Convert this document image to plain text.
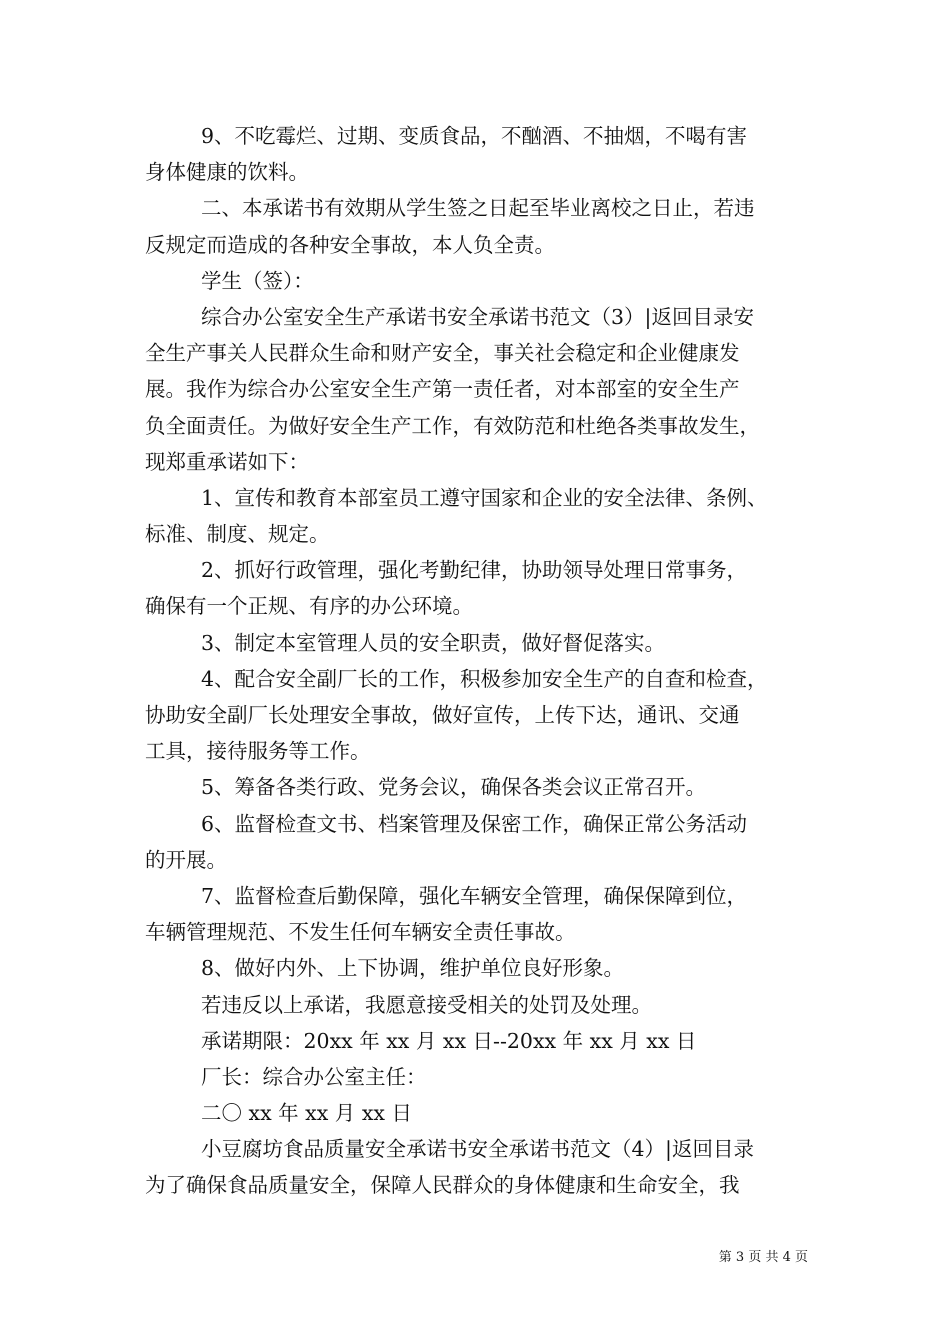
9、不吃霉烂、过期、变质食品，不酗酒、不抽烟，不喝有害
身体健康的饮料。
二、本承诺书有效期从学生签之日起至毕业离校之日止，若违
反规定而造成的各种安全事故，本人负全责。
学生（签）：
综合办公室安全生产承诺书安全承诺书范文（3）|返回目录安
全生产事关人民群众生命和财产安全，事关社会稳定和企业健康发
展。我作为综合办公室安全生产第一责任者，对本部室的安全生产
负全面责任。为做好安全生产工作，有效防范和杜绝各类事故发生，
现郑重承诺如下：
1、宣传和教育本部室员工遵守国家和企业的安全法律、条例、
标准、制度、规定。
2、抓好行政管理，强化考勤纪律，协助领导处理日常事务，
确保有一个正规、有序的办公环境。
3、制定本室管理人员的安全职责，做好督促落实。
4、配合安全副厂长的工作，积极参加安全生产的自查和检查，
协助安全副厂长处理安全事故，做好宣传，上传下达，通讯、交通
工具，接待服务等工作。
5、筹备各类行政、党务会议，确保各类会议正常召开。
6、监督检查文书、档案管理及保密工作，确保正常公务活动
的开展。
7、监督检查后勤保障，强化车辆安全管理，确保保障到位，
车辆管理规范、不发生任何车辆安全责任事故。
8、做好内外、上下协调，维护单位良好形象。
若违反以上承诺，我愿意接受相关的处罚及处理。
承诺期限：20xx 年 xx 月 xx 日--20xx 年 xx 月 xx 日
厂长：综合办公室主任：
二〇 xx 年 xx 月 xx 日
小豆腐坊食品质量安全承诺书安全承诺书范文（4）|返回目录
为了确保食品质量安全，保障人民群众的身体健康和生命安全，我
第 3 页 共 4 页
